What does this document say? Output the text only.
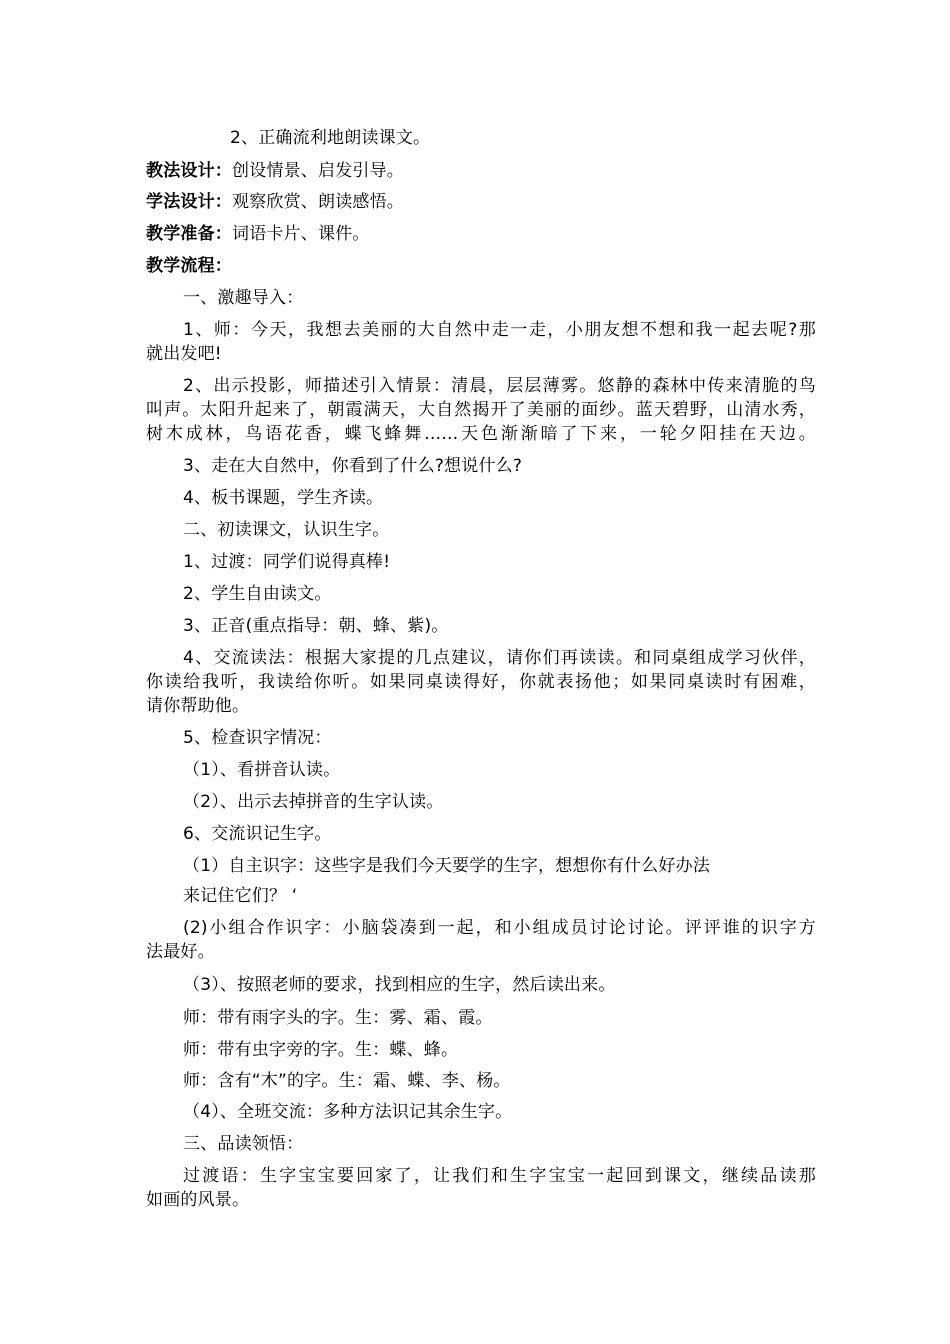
2、正确流利地朗读课文。
教法设计：创设情景、启发引导。
学法设计：观察欣赏、朗读感悟。
教学准备：词语卡片、课件。
教学流程：
一、激趣导入：
1、师：今天，我想去美丽的大自然中走一走，小朋友想不想和我一起去呢?那
就出发吧!
2、出示投影，师描述引入情景：清晨，层层薄雾。悠静的森林中传来清脆的鸟
叫声。太阳升起来了，朝霞满天，大自然揭开了美丽的面纱。蓝天碧野，山清水秀，
树木成林，鸟语花香，蝶飞蜂舞……天色渐渐暗了下来，一轮夕阳挂在天边。
3、走在大自然中，你看到了什么?想说什么?
4、板书课题，学生齐读。
二、初读课文，认识生字。
1、过渡：同学们说得真棒!
2、学生自由读文。
3、正音(重点指导：朝、蜂、紫)。
4、交流读法：根据大家提的几点建议，请你们再读读。和同桌组成学习伙伴，
你读给我听，我读给你听。如果同桌读得好，你就表扬他；如果同桌读时有困难，
请你帮助他。
5、检查识字情况：
（1）、看拼音认读。
（2）、出示去掉拼音的生字认读。
6、交流识记生字。
（1）自主识字：这些字是我们今天要学的生字，想想你有什么好办法
来记住它们？ ‘
(2)小组合作识字：小脑袋凑到一起，和小组成员讨论讨论。评评谁的识字方
法最好。
（3）、按照老师的要求，找到相应的生字，然后读出来。
师：带有雨字头的字。生：雾、霜、霞。
师：带有虫字旁的字。生：蝶、蜂。
师：含有“木”的字。生：霜、蝶、李、杨。
（4）、全班交流：多种方法识记其余生字。
三、品读领悟：
过渡语：生字宝宝要回家了，让我们和生字宝宝一起回到课文，继续品读那
如画的风景。
